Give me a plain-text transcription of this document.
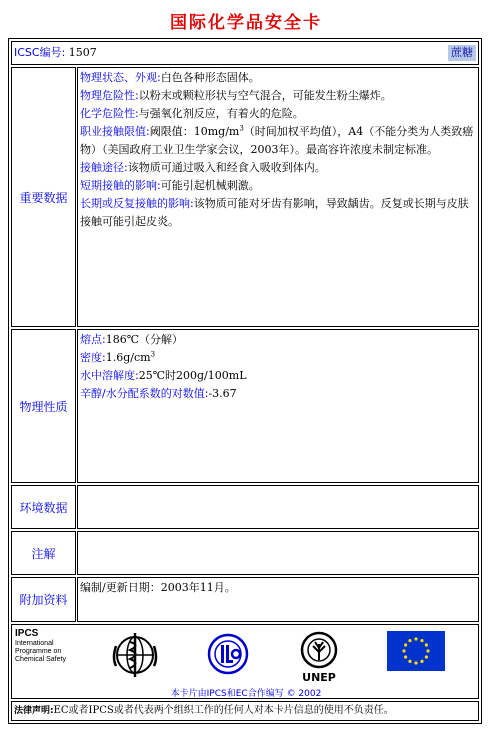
国际化学品安全卡
ICSC编号: 1507	蔗糖
重要数据

物理状态、外观:白色各种形态固体。

物理危险性:以粉末或颗粒形状与空气混合，可能发生粉尘爆炸。

化学危险性:与强氧化剂反应，有着火的危险。

职业接触限值:阈限值：$10mg/m^3$（时间加权平均值），A4（不能分类为人类致癌物）（美国政府工业卫生学家会议，2003年）。最高容许浓度未制定标准。

接触途径:该物质可通过吸入和经食入吸收到体内。

短期接触的影响:可能引起机械刺激。

长期或反复接触的影响:该物质可能对牙齿有影响，导致龋齿。反复或长期与皮肤接触可能引起皮炎。

物理性质

熔点:186℃（分解）

密度$:1.6g/cm^3$

水中溶解度:25℃时200g/100mL

辛醇/水分配系数的对数值:-3.67

环境数据
注解
附加资料
编制/更新日期：2003年11月。
IPCS
International
Programme on
Chemical Safety
UNEP
本卡片由IPCS和EC合作编写 © 2002
法律声明:EC或者IPCS或者代表两个组织工作的任何人对本卡片信息的使用不负责任。
